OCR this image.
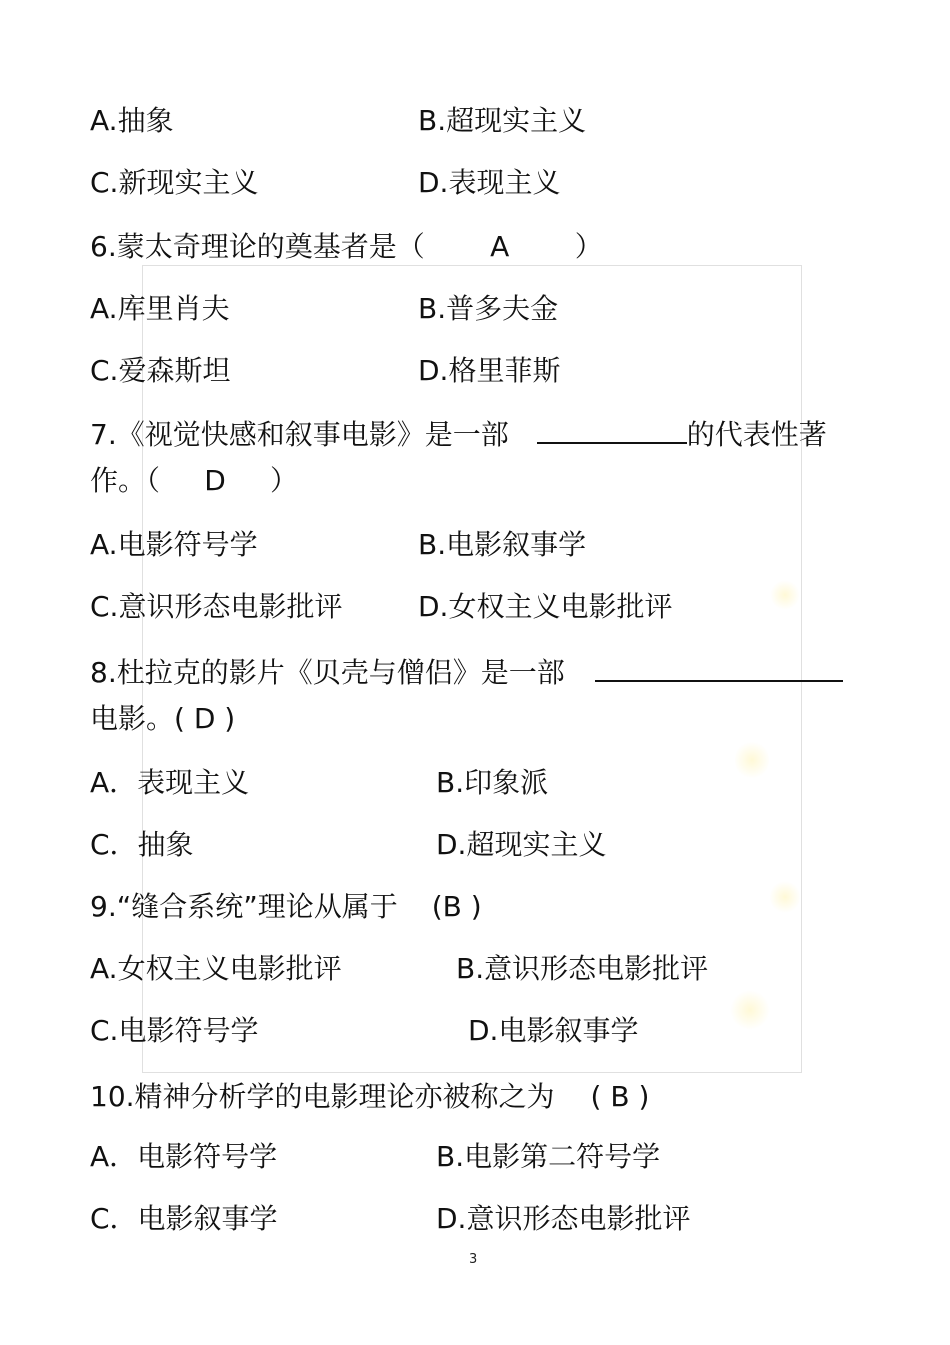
A.抽象	B.超现实主义
C.新现实主义	D.表现主义
6.蒙太奇理论的奠基者是（ A ）
A.库里肖夫	B.普多夫金
C.爱森斯坦	D.格里菲斯
7.《视觉快感和叙事电影》是一部	的代表性著
作。（ D ）
A.电影符号学	B.电影叙事学
C.意识形态电影批评	D.女权主义电影批评
8.杜拉克的影片《贝壳与僧侣》是一部
电影。( D )
A．表现主义	B.印象派
C．抽象	D.超现实主义
9.“缝合系统”理论从属于 (B )
A.女权主义电影批评	B.意识形态电影批评
C.电影符号学	D.电影叙事学
10.精神分析学的电影理论亦被称之为 ( B )
A．电影符号学	B.电影第二符号学
C．电影叙事学	D.意识形态电影批评
3
